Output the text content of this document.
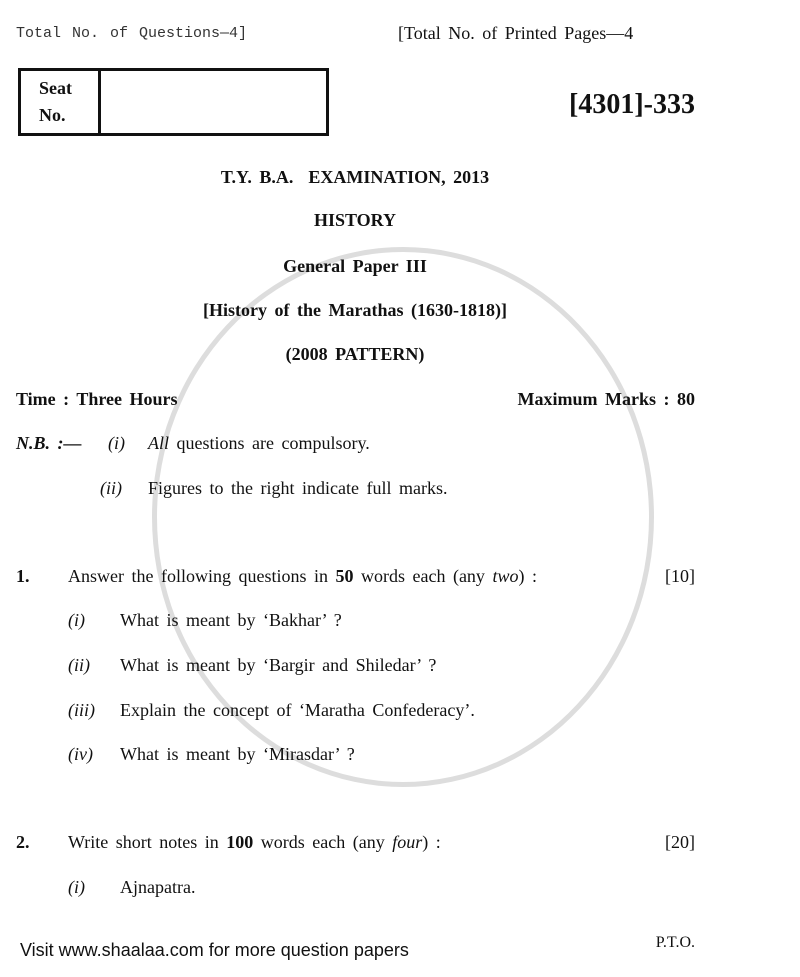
Total No. of Questions—4]	[Total No. of Printed Pages—4
Seat
No.	[4301]-333
T.Y. B.A.  EXAMINATION, 2013
HISTORY
General Paper III
[History of the Marathas (1630-1818)]
(2008 PATTERN)
Time : Three Hours	Maximum Marks : 80
N.B. :— (i) All questions are compulsory.
(ii) Figures to the right indicate full marks.
1. Answer the following questions in 50 words each (any two) :	[10]
(i) What is meant by ‘Bakhar’ ?
(ii) What is meant by ‘Bargir and Shiledar’ ?
(iii) Explain the concept of ‘Maratha Confederacy’.
(iv) What is meant by ‘Mirasdar’ ?
2. Write short notes in 100 words each (any four) :	[20]
(i) Ajnapatra.
Visit www.shaalaa.com for more question papers	P.T.O.
